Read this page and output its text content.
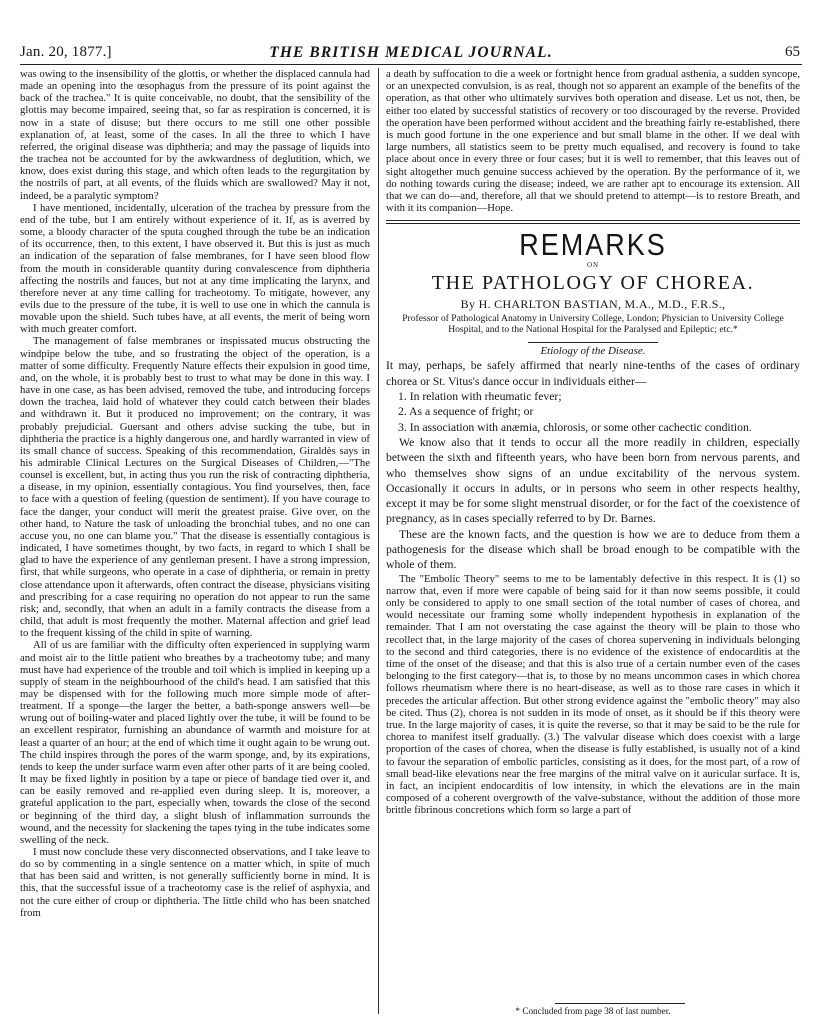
Jan. 20, 1877.]	THE BRITISH MEDICAL JOURNAL.	65

was owing to the insensibility of the glottis, or whether the displaced cannula had made an opening into the œsophagus from the pressure of its point against the back of the trachea." It is quite conceivable, no doubt, that the sensibility of the glottis may become impaired, seeing that, so far as respiration is concerned, it is now in a state of disuse; but there occurs to me still one other possible explanation of, at least, some of the cases. In all the three to which I have referred, the original disease was diphtheria; and may the passage of liquids into the trachea not be accounted for by the awkwardness of deglutition, which, we know, does exist during this stage, and which often leads to the regurgitation by the nostrils of part, at all events, of the fluids which are swallowed? May it not, indeed, be a paralytic symptom?

I have mentioned, incidentally, ulceration of the trachea by pressure from the end of the tube, but I am entirely without experience of it. If, as is averred by some, a bloody character of the sputa coughed through the tube be an indication of its occurrence, then, to this extent, I have observed it. But this is just as much an indication of the separation of false membranes, for I have seen blood flow from the mouth in considerable quantity during convalescence from diphtheria affecting the nostrils and fauces, but not at any time implicating the larynx, and therefore never at any time calling for tracheotomy. To mitigate, however, any evils due to the pressure of the tube, it is well to use one in which the cannula is movable upon the shield. Such tubes have, at all events, the merit of being worn with much greater comfort.

The management of false membranes or inspissated mucus obstructing the windpipe below the tube, and so frustrating the object of the operation, is a matter of some difficulty. Frequently Nature effects their expulsion in good time, and, on the whole, it is probably best to trust to what may be done in this way. I have in one case, as has been advised, removed the tube, and introducing forceps down the trachea, laid hold of whatever they could catch between their blades and withdrawn it. But it produced no improvement; on the contrary, it was probably prejudicial. Guersant and others advise sucking the tube, but in diphtheria the practice is a highly dangerous one, and hardly warranted in view of its small chance of success. Speaking of this recommendation, Giraldès says in his admirable Clinical Lectures on the Surgical Diseases of Children,—"The counsel is excellent, but, in acting thus you run the risk of contracting diphtheria, a disease, in my opinion, essentially contagious. You find yourselves, then, face to face with a question of feeling (question de sentiment). If you have courage to face the danger, your conduct will merit the greatest praise. Give over, on the other hand, to Nature the task of unloading the bronchial tubes, and no one can accuse you, no one can blame you." That the disease is essentially contagious is indicated, I have sometimes thought, by two facts, in regard to which I shall be glad to have the experience of any gentleman present. I have a strong impression, first, that while surgeons, who operate in a case of diphtheria, or remain in pretty close attendance upon it afterwards, often contract the disease, physicians visiting and prescribing for a case requiring no operation do not appear to run the same risk; and, secondly, that when an adult in a family contracts the disease from a child, that adult is most frequently the mother. Maternal affection and grief lead to the frequent kissing of the child in spite of warning.

All of us are familiar with the difficulty often experienced in supplying warm and moist air to the little patient who breathes by a tracheotomy tube; and many must have had experience of the trouble and toil which is implied in keeping up a supply of steam in the neighbourhood of the child's head. I am satisfied that this may be dispensed with for the following much more simple mode of after-treatment. If a sponge—the larger the better, a bath-sponge answers well—be wrung out of boiling-water and placed lightly over the tube, it will be found to be an excellent respirator, furnishing an abundance of warmth and moisture for at least a quarter of an hour; at the end of which time it ought again to be wrung out. The child inspires through the pores of the warm sponge, and, by its expirations, tends to keep the under surface warm even after other parts of it are being cooled. It may be fixed lightly in position by a tape or piece of bandage tied over it, and can be easily removed and re-applied even during sleep. It is, moreover, a grateful application to the part, especially when, towards the close of the second or beginning of the third day, a slight blush of inflammation surrounds the wound, and the necessity for slackening the tapes tying in the tube indicates some swelling of the neck.

I must now conclude these very disconnected observations, and I take leave to do so by commenting in a single sentence on a matter which, in spite of much that has been said and written, is not generally sufficiently borne in mind. It is this, that the successful issue of a tracheotomy case is the relief of asphyxia, and not the cure either of croup or diphtheria. The little child who has been snatched from

a death by suffocation to die a week or fortnight hence from gradual asthenia, a sudden syncope, or an unexpected convulsion, is as real, though not so apparent an example of the benefits of the operation, as that other who ultimately survives both operation and disease. Let us not, then, be either too elated by successful statistics of recovery or too discouraged by the reverse. Provided the operation have been performed without accident and the breathing fairly re-established, there is much good fortune in the one experience and but small blame in the other. If we deal with large numbers, all statistics seem to be pretty much equalised, and recovery is found to take place about once in every three or four cases; but it is well to remember, that this leaves out of sight altogether much genuine success achieved by the operation. By the performance of it, we do nothing towards curing the disease; indeed, we are rather apt to encourage its extension. All that we can do—and, therefore, all that we should pretend to attempt—is to restore Breath, and with it its companion—Hope.

REMARKS
ON
THE PATHOLOGY OF CHOREA.
By H. CHARLTON BASTIAN, M.A., M.D., F.R.S.,
Professor of Pathological Anatomy in University College, London; Physician to University College Hospital, and to the National Hospital for the Paralysed and Epileptic; etc.*
Etiology of the Disease.

It may, perhaps, be safely affirmed that nearly nine-tenths of the cases of ordinary chorea or St. Vitus's dance occur in individuals either—

1. In relation with rheumatic fever;
2. As a sequence of fright; or
3. In association with anæmia, chlorosis, or some other cachectic condition.

We know also that it tends to occur all the more readily in children, especially between the sixth and fifteenth years, who have been born from nervous parents, and who themselves show signs of an undue excitability of the nervous system. Occasionally it occurs in adults, or in persons who seem in other respects healthy, except it may be for some slight menstrual disorder, or for the fact of the coexistence of pregnancy, as in cases specially referred to by Dr. Barnes.

These are the known facts, and the question is how we are to deduce from them a pathogenesis for the disease which shall be broad enough to be compatible with the whole of them.

The "Embolic Theory" seems to me to be lamentably defective in this respect. It is (1) so narrow that, even if more were capable of being said for it than now seems possible, it could only be considered to apply to one small section of the total number of cases of chorea, and would necessitate our framing some wholly independent hypothesis in explanation of the remainder. That I am not overstating the case against the theory will be plain to those who recollect that, in the large majority of the cases of chorea supervening in individuals belonging to the second and third categories, there is no evidence of the existence of endocarditis at the time of the onset of the disease; and that this is also true of a certain number even of the cases belonging to the first category—that is, to those by no means uncommon cases in which chorea follows rheumatism where there is no heart-disease, as well as to those rare cases in which it precedes the articular affection. But other strong evidence against the "embolic theory" may also be cited. Thus (2), chorea is not sudden in its mode of onset, as it should be if this theory were true. In the large majority of cases, it is quite the reverse, so that it may be said to be the rule for chorea to manifest itself gradually. (3.) The valvular disease which does coexist with a large proportion of the cases of chorea, when the disease is fully established, is usually not of a kind to favour the separation of embolic particles, consisting as it does, for the most part, of a row of small bead-like elevations near the free margins of the mitral valve on it auricular surface. It is, in fact, an incipient endocarditis of low intensity, in which the elevations are in the main composed of a coherent overgrowth of the valve-substance, without the addition of those more brittle fibrinous concretions which form so large a part of

* Concluded from page 38 of last number.
